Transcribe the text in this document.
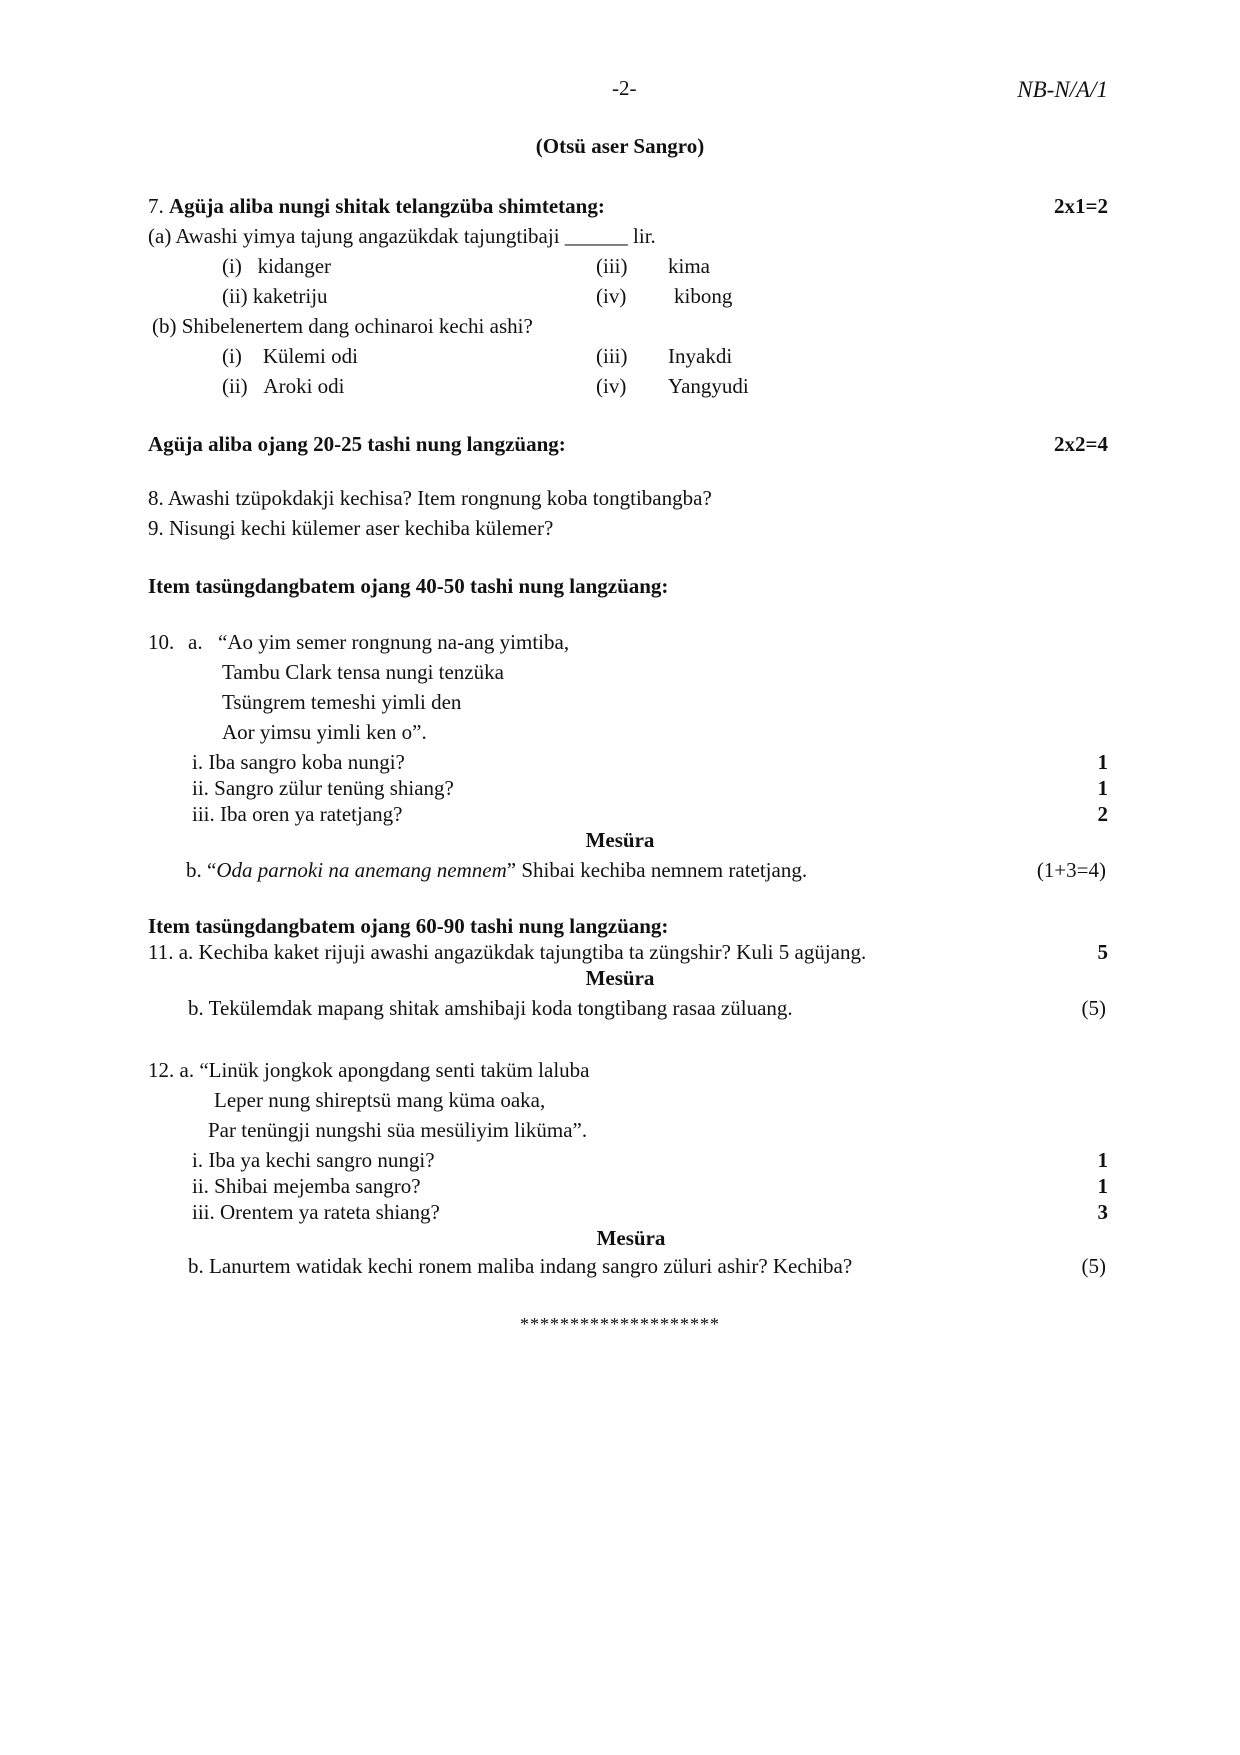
-2-	NB-N/A/1
(Otsü aser Sangro)
7. Agüja aliba nungi shitak telangzüba shimtetang:	2x1=2
(a) Awashi yimya tajung angazükdak tajungtibaji ______ lir.
(i) kidanger
(ii) kaketriju
(iii) kima
(iv) kibong
(b) Shibelenertem dang ochinaroi kechi ashi?
(i) Külemi odi
(ii) Aroki odi
(iii) Inyakdi
(iv) Yangyudi
Agüja aliba ojang 20-25 tashi nung langzüang:	2x2=4
8. Awashi tzüpokdakji kechisa? Item rongnung koba tongtibangba?
9. Nisungi kechi külemer aser kechiba külemer?
Item tasüngdangbatem ojang 40-50 tashi nung langzüang:
10. a. “Ao yim semer rongnung na-ang yimtiba,
Tambu Clark tensa nungi tenzüka
Tsüngrem temeshi yimli den
Aor yimsu yimli ken o”.
i. Iba sangro koba nungi?	1
ii. Sangro zülur tenüng shiang?	1
iii. Iba oren ya ratetjang?	2
Mesüra
b. “Oda parnoki na anemang nemnem” Shibai kechiba nemnem ratetjang.	(1+3=4)
Item tasüngdangbatem ojang 60-90 tashi nung langzüang:
11. a. Kechiba kaket rijuji awashi angazükdak tajungtiba ta züngshir? Kuli 5 agüjang.	5
Mesüra
b. Tekülemdak mapang shitak amshibaji koda tongtibang rasaa züluang.	(5)
12. a. “Linük jongkok apongdang senti taküm laluba
Leper nung shireptsü mang küma oaka,
Par tenüngji nungshi süa mesüliyim liküma”.
i. Iba ya kechi sangro nungi?	1
ii. Shibai mejemba sangro?	1
iii. Orentem ya rateta shiang?	3
Mesüra
b. Lanurtem watidak kechi ronem maliba indang sangro züluri ashir? Kechiba?	(5)
********************
